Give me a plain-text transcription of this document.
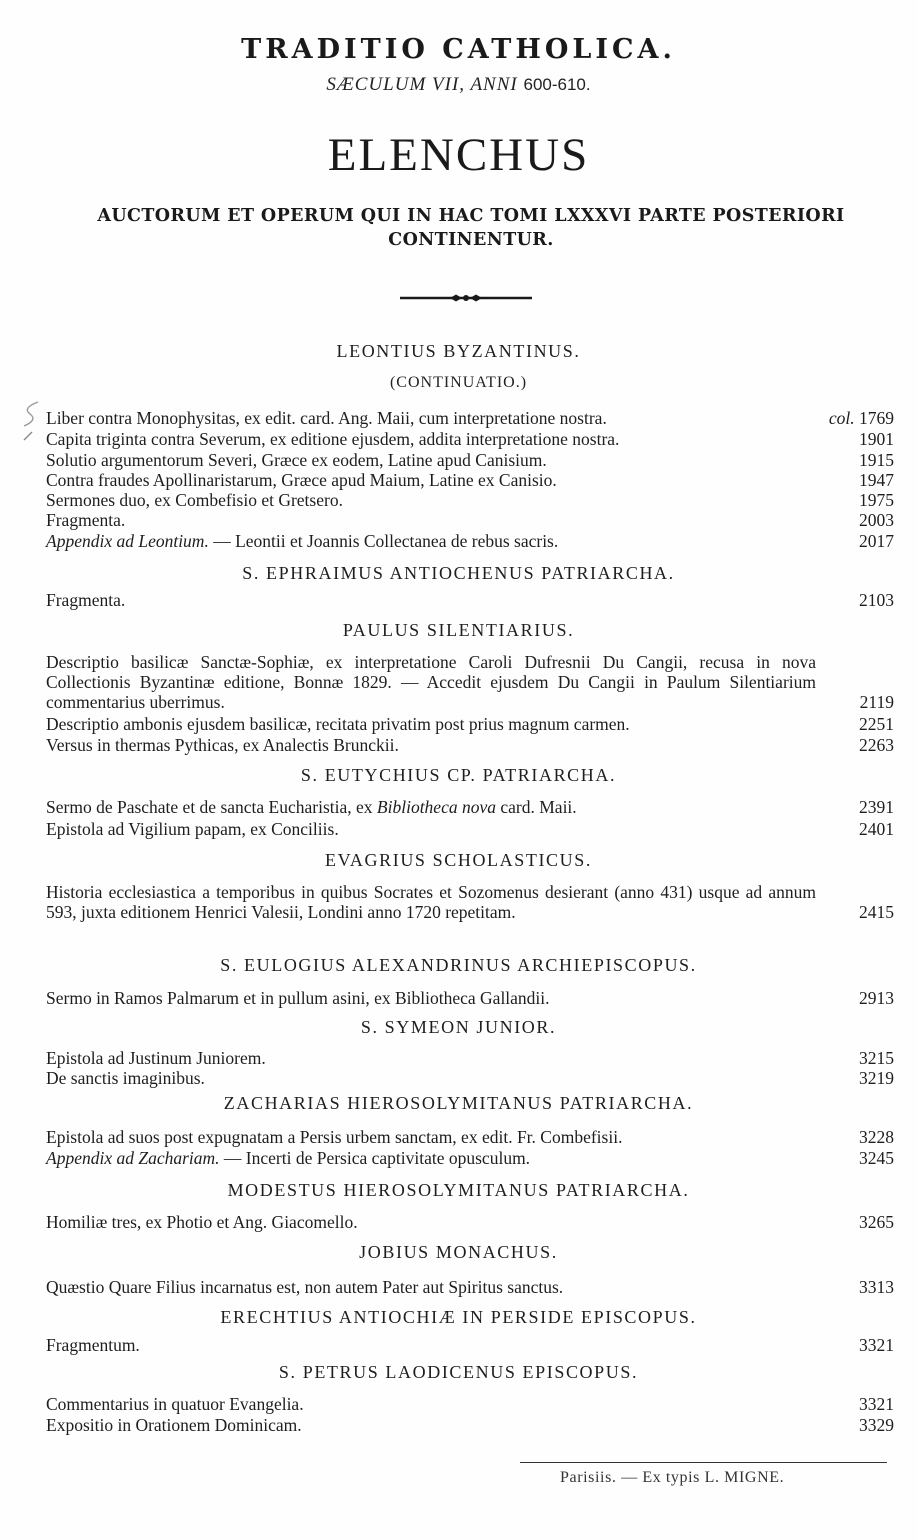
TRADITIO CATHOLICA.
SÆCULUM VII, ANNI 600-610.
ELENCHUS
AUCTORUM ET OPERUM QUI IN HAC TOMI LXXXVI PARTE POSTERIORI CONTINENTUR.
LEONTIUS BYZANTINUS.
(CONTINUATIO.)
Liber contra Monophysitas, ex edit. card. Ang. Maii, cum interpretatione nostra.	col. 1769
Capita triginta contra Severum, ex editione ejusdem, addita interpretatione nostra.	1901
Solutio argumentorum Severi, Græce ex eodem, Latine apud Canisium.	1915
Contra fraudes Apollinaristarum, Græce apud Maium, Latine ex Canisio.	1947
Sermones duo, ex Combefisio et Gretsero.	1975
Fragmenta.	2003
Appendix ad Leontium. — Leontii et Joannis Collectanea de rebus sacris.	2017
S. EPHRAIMUS ANTIOCHENUS PATRIARCHA.
Fragmenta.	2103
PAULUS SILENTIARIUS.
Descriptio basilicæ Sanctæ-Sophiæ, ex interpretatione Caroli Dufresnii Du Cangii, recusa in nova Collectionis Byzantinæ editione, Bonnæ 1829. — Accedit ejusdem Du Cangii in Paulum Silentiarium commentarius uberrimus.	2119
Descriptio ambonis ejusdem basilicæ, recitata privatim post prius magnum carmen.	2251
Versus in thermas Pythicas, ex Analectis Brunckii.	2263
S. EUTYCHIUS CP. PATRIARCHA.
Sermo de Paschate et de sancta Eucharistia, ex Bibliotheca nova card. Maii.	2391
Epistola ad Vigilium papam, ex Conciliis.	2401
EVAGRIUS SCHOLASTICUS.
Historia ecclesiastica a temporibus in quibus Socrates et Sozomenus desierant (anno 431) usque ad annum 593, juxta editionem Henrici Valesii, Londini anno 1720 repetitam.	2415
S. EULOGIUS ALEXANDRINUS ARCHIEPISCOPUS.
Sermo in Ramos Palmarum et in pullum asini, ex Bibliotheca Gallandii.	2913
S. SYMEON JUNIOR.
Epistola ad Justinum Juniorem.	3215
De sanctis imaginibus.	3219
ZACHARIAS HIEROSOLYMITANUS PATRIARCHA.
Epistola ad suos post expugnatam a Persis urbem sanctam, ex edit. Fr. Combefisii.	3228
Appendix ad Zachariam. — Incerti de Persica captivitate opusculum.	3245
MODESTUS HIEROSOLYMITANUS PATRIARCHA.
Homiliæ tres, ex Photio et Ang. Giacomello.	3265
JOBIUS MONACHUS.
Quæstio Quare Filius incarnatus est, non autem Pater aut Spiritus sanctus.	3313
ERECHTIUS ANTIOCHIÆ IN PERSIDE EPISCOPUS.
Fragmentum.	3321
S. PETRUS LAODICENUS EPISCOPUS.
Commentarius in quatuor Evangelia.	3321
Expositio in Orationem Dominicam.	3329
Parisiis. — Ex typis L. MIGNE.
